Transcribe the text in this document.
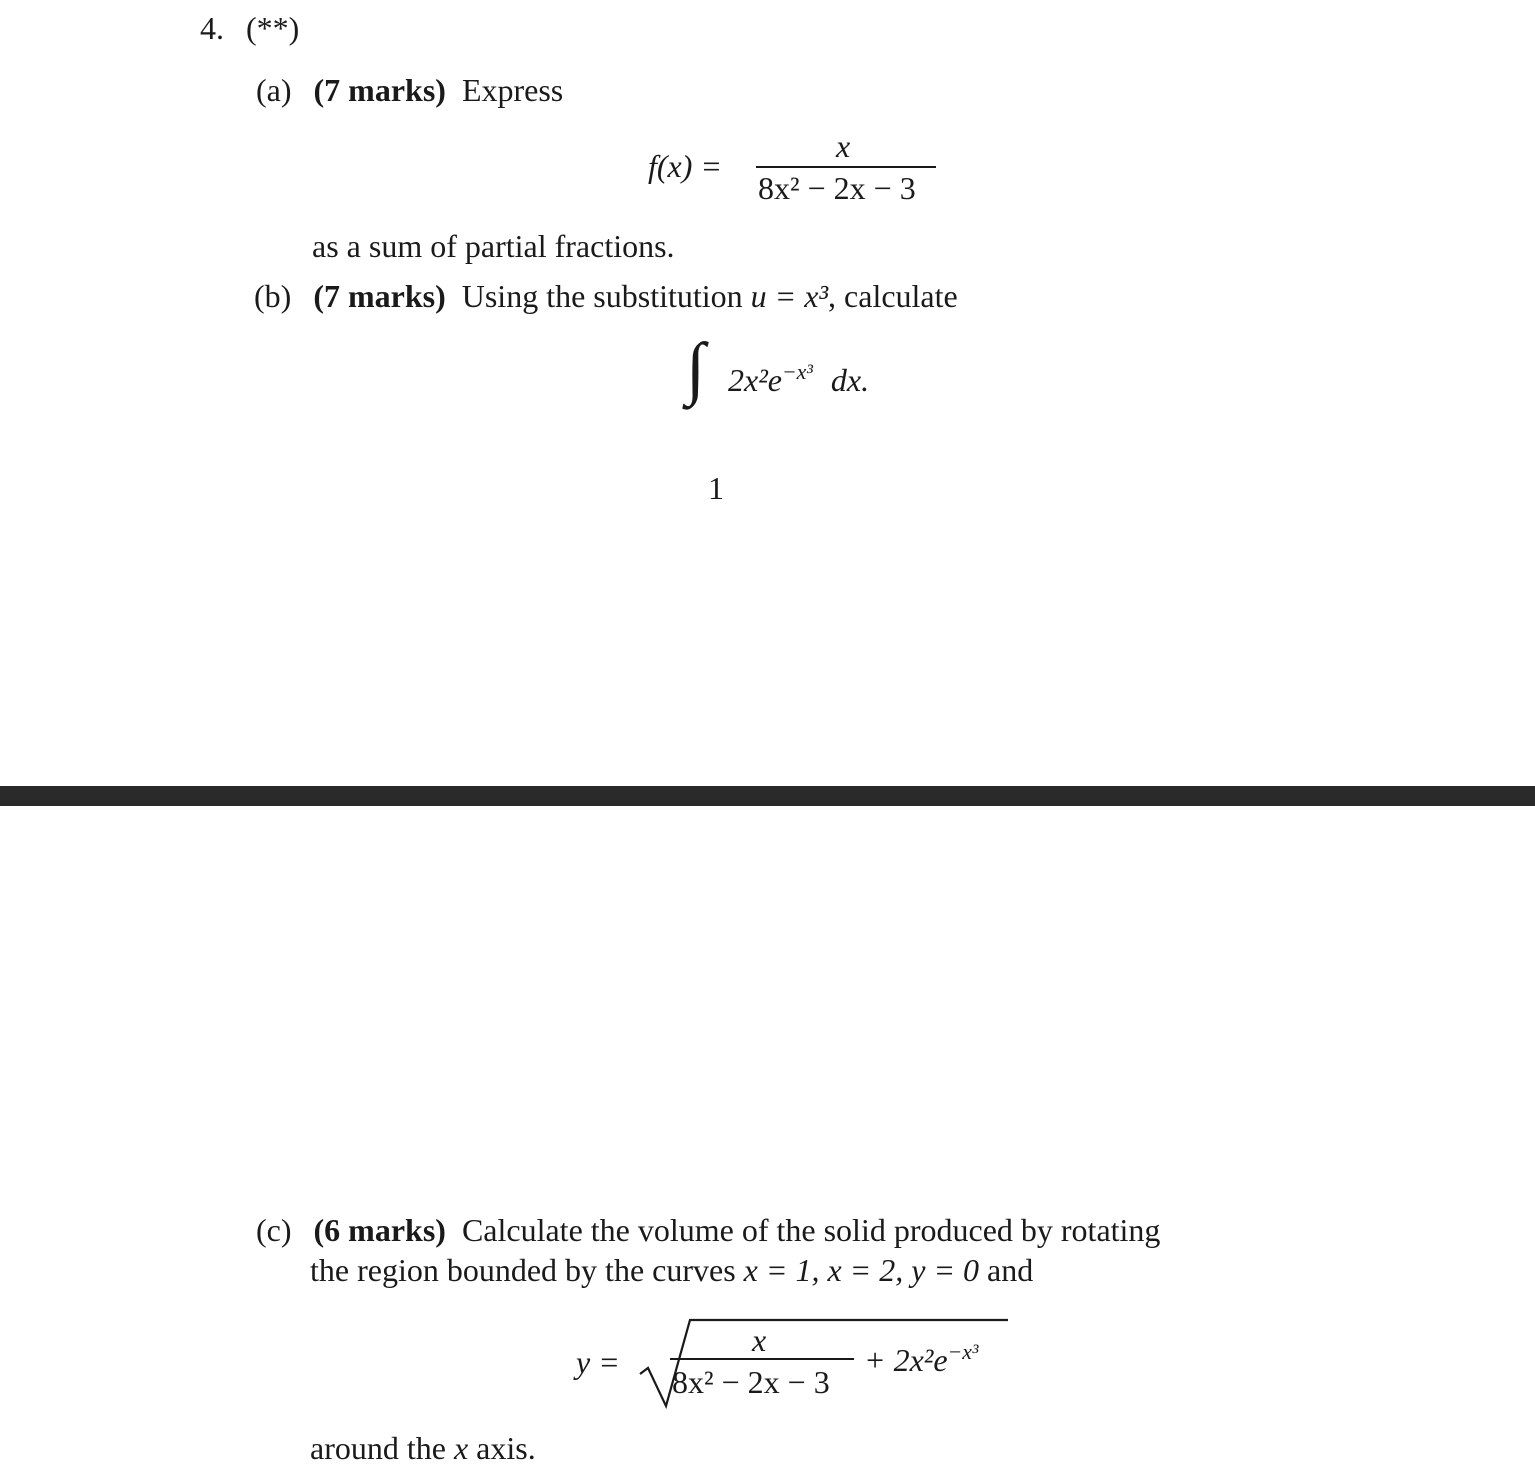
4. (**)
(a) (7 marks) Express
f(x) =
x
8x² − 2x − 3
as a sum of partial fractions.
(b) (7 marks) Using the substitution u = x³, calculate
∫ $2x^2e^{-x^3}$ dx.
1
(c) (6 marks) Calculate the volume of the solid produced by rotating
the region bounded by the curves x = 1, x = 2, y = 0 and
y =
x
8x² − 2x − 3
+ $2x^2e^{-x^3}$
around the x axis.
